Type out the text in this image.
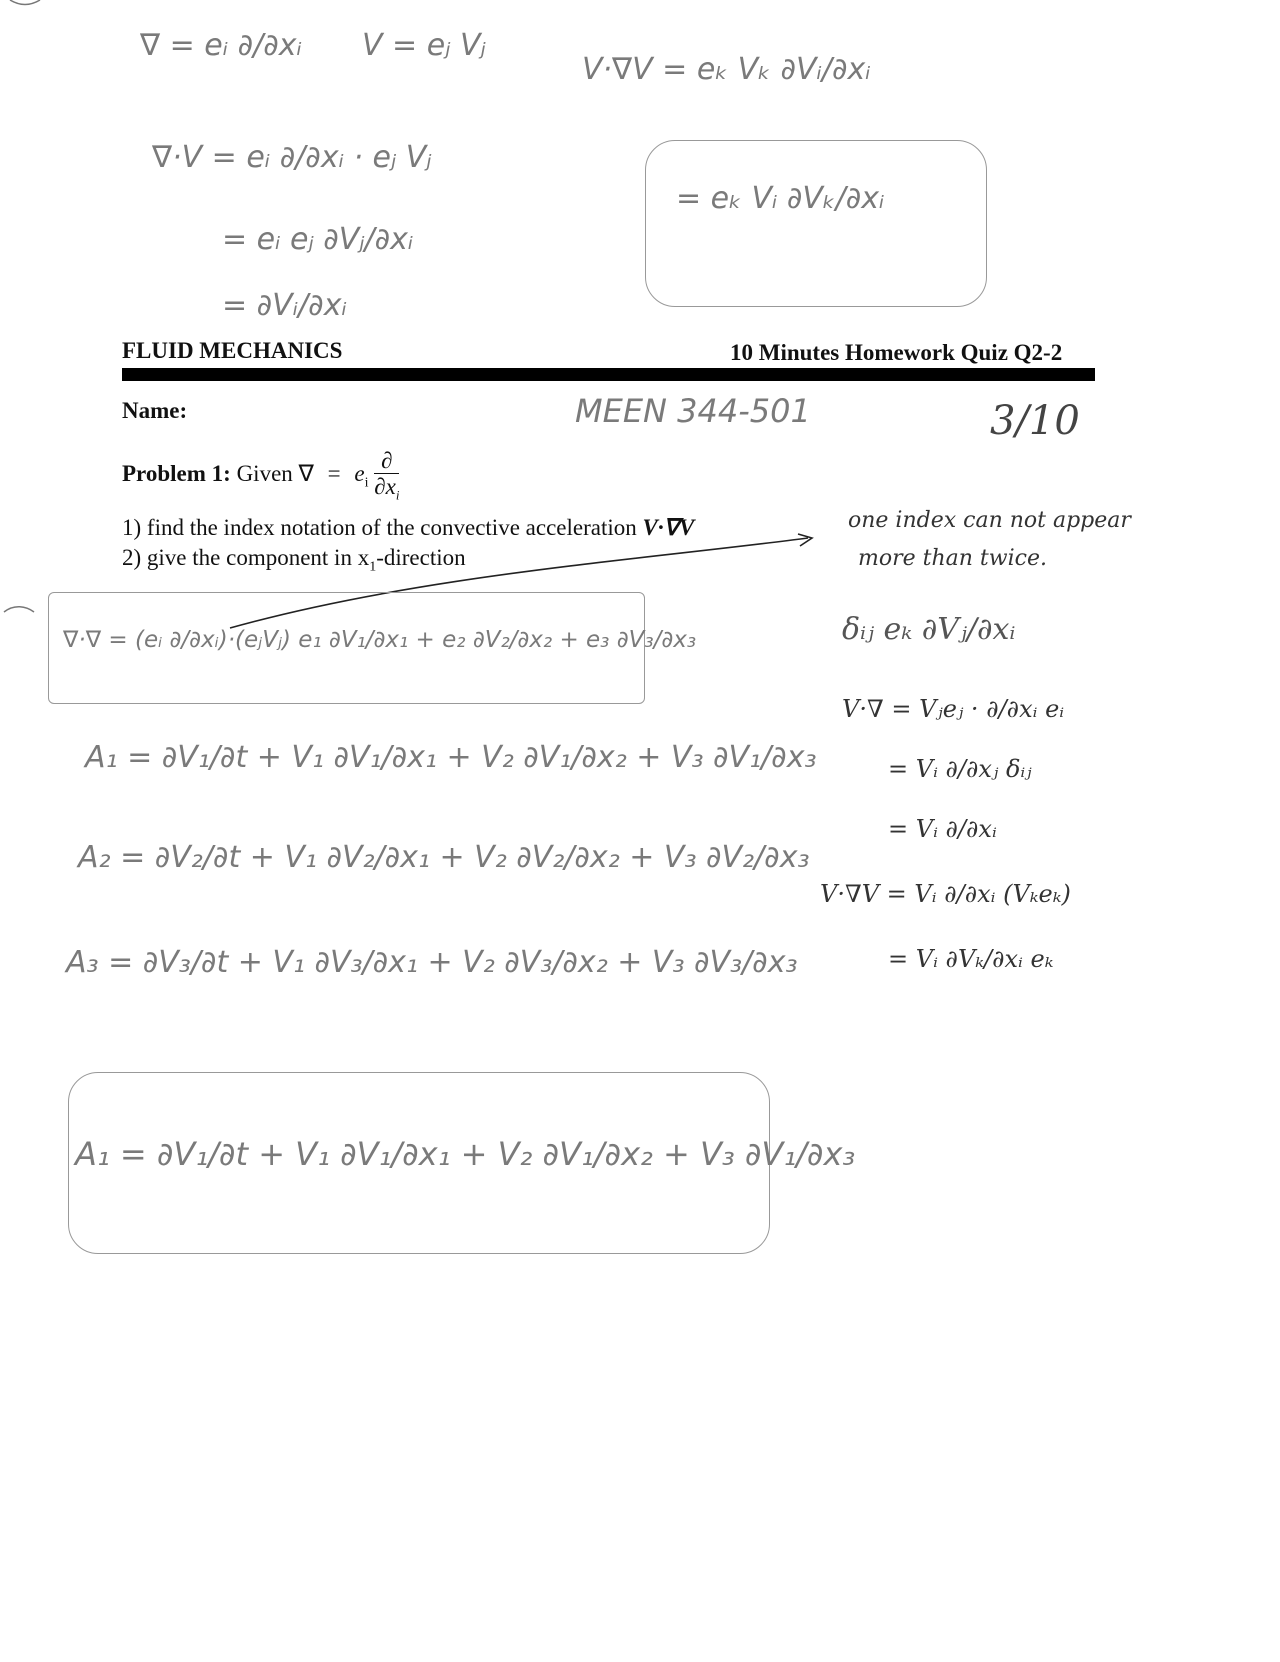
∇ = eᵢ ∂/∂xᵢ V = eⱼ Vⱼ
∇·V = eᵢ ∂/∂xᵢ · eⱼ Vⱼ
= eᵢ eⱼ ∂Vⱼ/∂xᵢ
= ∂Vᵢ/∂xᵢ
V·∇V = eₖ Vₖ ∂Vᵢ/∂xᵢ
= eₖ Vᵢ ∂Vₖ/∂xᵢ
FLUID MECHANICS	10 Minutes Homework Quiz Q2-2
Name:	MEEN 344-501	3/10
Problem 1: Given ∇ = $e_i \frac{\partial}{\partial x_i}$
1) find the index notation of the convective acceleration V·∇V
2) give the component in $x_1$-direction
one index can not appear
more than twice.
∇·∇ = (eᵢ ∂/∂xᵢ)·(eⱼVⱼ) e₁ ∂V₁/∂x₁ + e₂ ∂V₂/∂x₂ + e₃ ∂V₃/∂x₃
A₁ = ∂V₁/∂t + V₁ ∂V₁/∂x₁ + V₂ ∂V₁/∂x₂ + V₃ ∂V₁/∂x₃
A₂ = ∂V₂/∂t + V₁ ∂V₂/∂x₁ + V₂ ∂V₂/∂x₂ + V₃ ∂V₂/∂x₃
A₃ = ∂V₃/∂t + V₁ ∂V₃/∂x₁ + V₂ ∂V₃/∂x₂ + V₃ ∂V₃/∂x₃
A₁ = ∂V₁/∂t + V₁ ∂V₁/∂x₁ + V₂ ∂V₁/∂x₂ + V₃ ∂V₁/∂x₃
δᵢⱼ eₖ ∂Vⱼ/∂xᵢ
V·∇ = Vⱼeⱼ · ∂/∂xᵢ eᵢ
= Vᵢ ∂/∂xⱼ δᵢⱼ
= Vᵢ ∂/∂xᵢ
V·∇V = Vᵢ ∂/∂xᵢ (Vₖeₖ)
= Vᵢ ∂Vₖ/∂xᵢ eₖ
